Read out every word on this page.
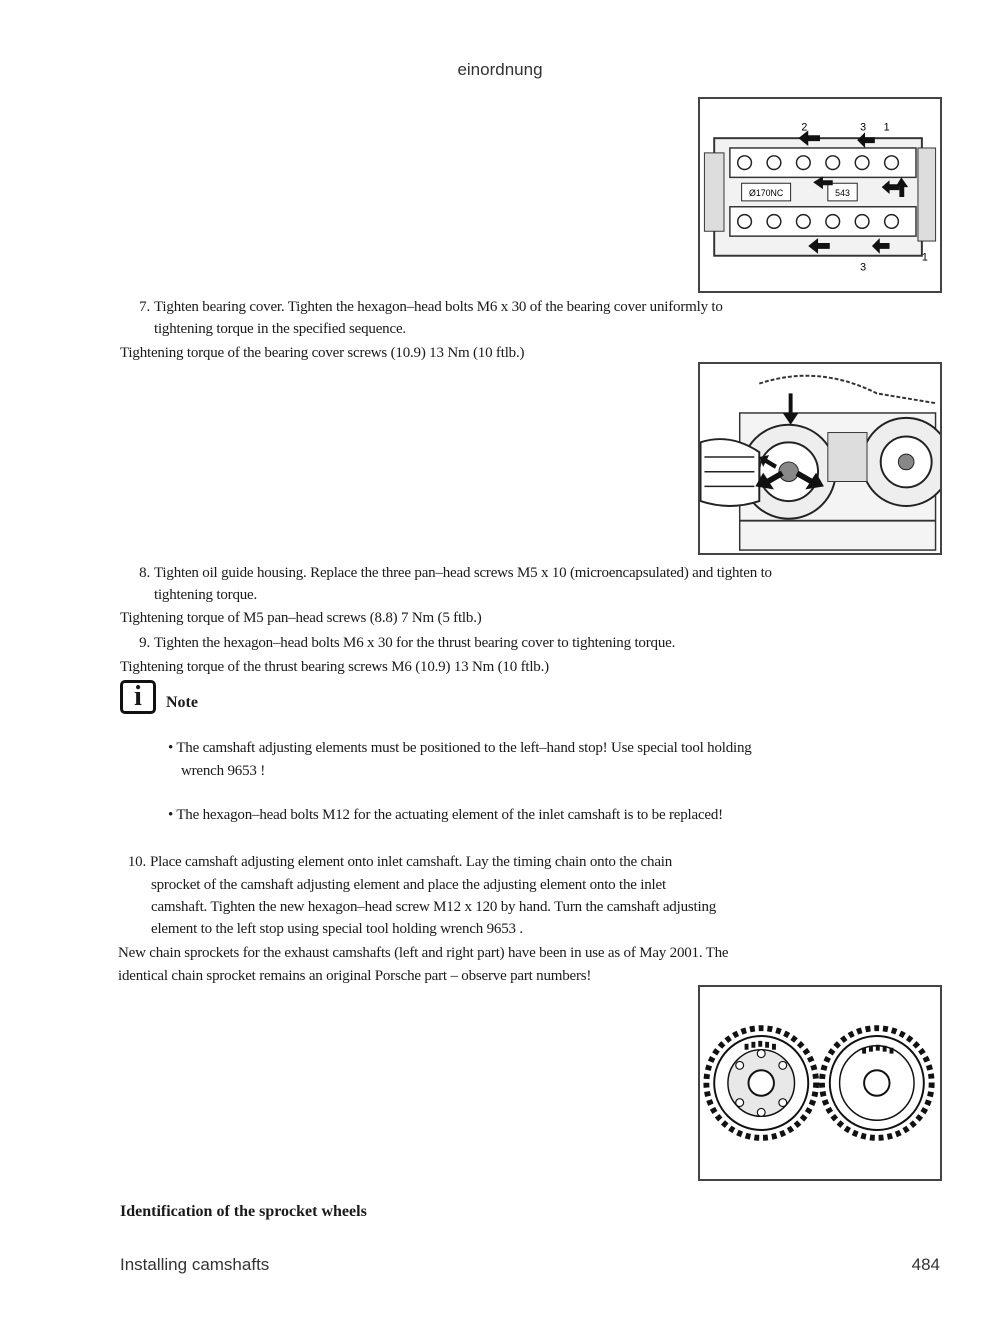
einordnung
Ø170NC	543
2	3 1
3
1
7. Tighten bearing cover. Tighten the hexagon–head bolts M6 x 30 of the bearing cover uniformly to
tightening torque in the specified sequence.
Tightening torque of the bearing cover screws (10.9) 13 Nm (10 ftlb.)
8. Tighten oil guide housing. Replace the three pan–head screws M5 x 10 (microencapsulated) and tighten to
tightening torque.
Tightening torque of M5 pan–head screws (8.8) 7 Nm (5 ftlb.)
9. Tighten the hexagon–head bolts M6 x 30 for the thrust bearing cover to tightening torque.
Tightening torque of the thrust bearing screws M6 (10.9) 13 Nm (10 ftlb.)
i	Note
• The camshaft adjusting elements must be positioned to the left–hand stop! Use special tool holding
wrench 9653 !
• The hexagon–head bolts M12 for the actuating element of the inlet camshaft is to be replaced!
10. Place camshaft adjusting element onto inlet camshaft. Lay the timing chain onto the chain
sprocket of the camshaft adjusting element and place the adjusting element onto the inlet
camshaft. Tighten the new hexagon–head screw M12 x 120 by hand. Turn the camshaft adjusting
element to the left stop using special tool holding wrench 9653 .
New chain sprockets for the exhaust camshafts (left and right part) have been in use as of May 2001. The
identical chain sprocket remains an original Porsche part – observe part numbers!
Identification of the sprocket wheels
Installing camshafts	484
